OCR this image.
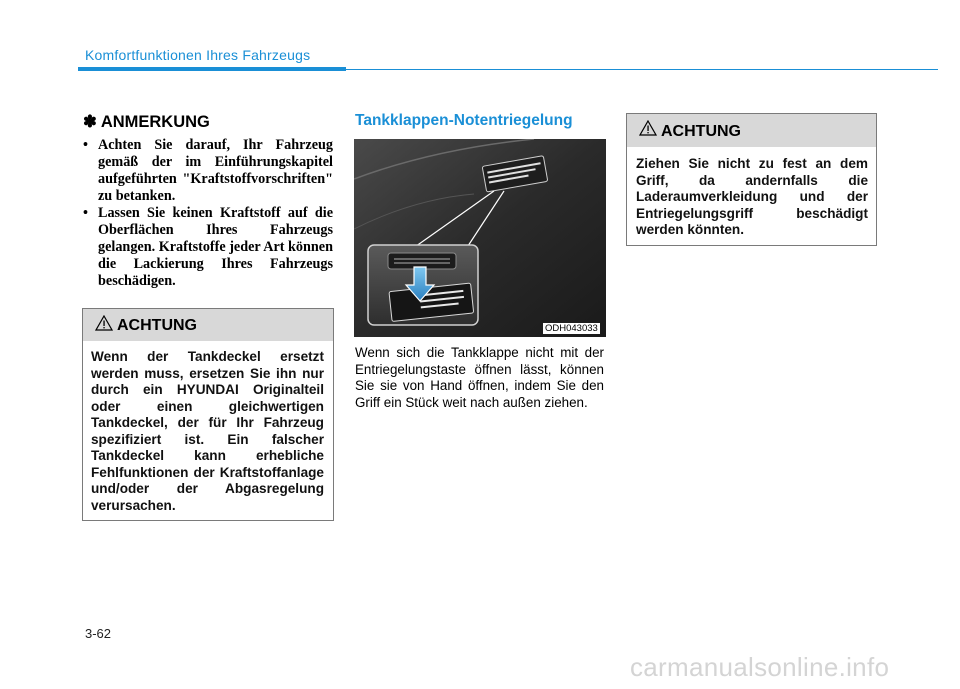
Komfortfunktionen Ihres Fahrzeugs
✽ ANMERKUNG
• Achten Sie darauf, Ihr Fahrzeug gemäß der im Einführungskapitel aufgeführten "Kraftstoffvorschriften" zu betanken.
• Lassen Sie keinen Kraftstoff auf die Oberflächen Ihres Fahrzeugs gelangen. Kraftstoffe jeder Art können die Lackierung Ihres Fahrzeugs beschädigen.
ACHTUNG
Wenn der Tankdeckel ersetzt werden muss, ersetzen Sie ihn nur durch ein HYUNDAI Originalteil oder einen gleichwertigen Tankdeckel, der für Ihr Fahrzeug spezifiziert ist. Ein falscher Tankdeckel kann erhebliche Fehlfunktionen der Kraftstoffanlage und/oder der Abgasregelung verursachen.
Tankklappen-Notentriegelung
ODH043033
Wenn sich die Tankklappe nicht mit der Entriegelungstaste öffnen lässt, können Sie sie von Hand öffnen, indem Sie den Griff ein Stück weit nach außen ziehen.
ACHTUNG
Ziehen Sie nicht zu fest an dem Griff, da andernfalls die Laderaumverkleidung und der Entriegelungsgriff beschädigt werden könnten.
3-62
carmanualsonline.info
